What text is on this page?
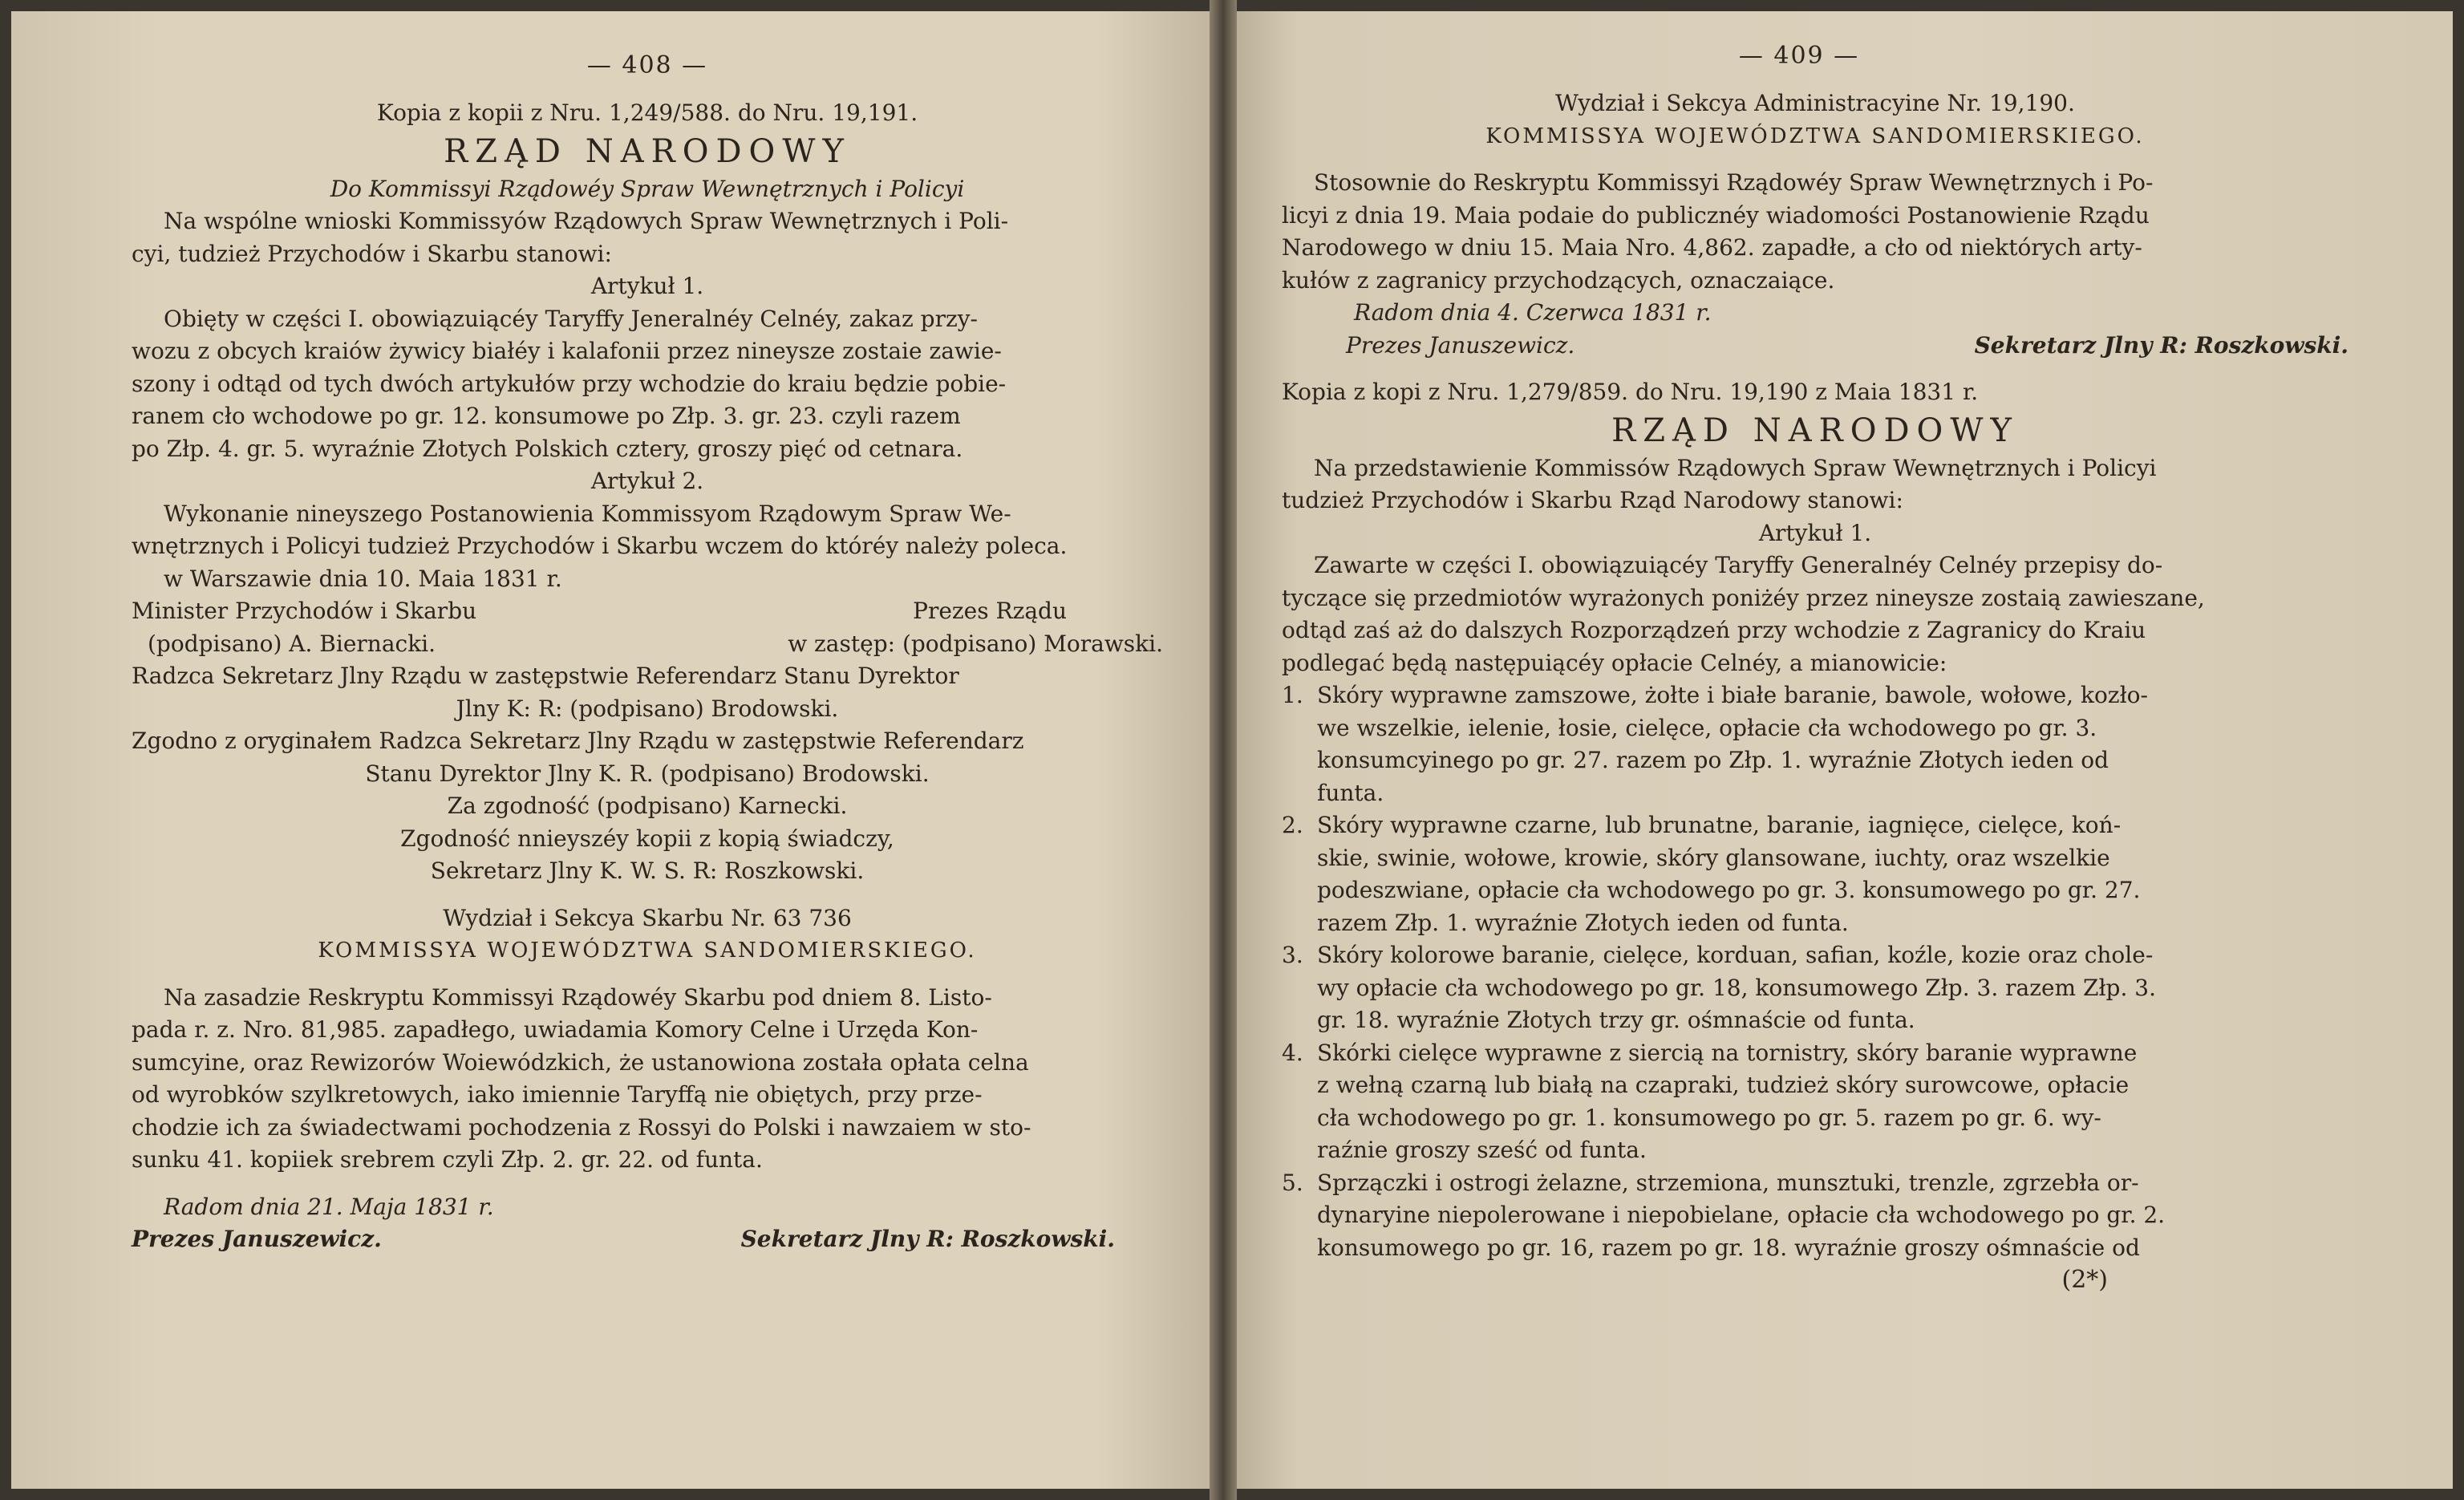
— 408 —
Kopia z kopii z Nru. 1,249/588. do Nru. 19,191.
RZĄD NARODOWY
Do Kommissyi Rządowéy Spraw Wewnętrznych i Policyi
Na wspólne wnioski Kommissyów Rządowych Spraw Wewnętrznych i Poli-
cyi, tudzież Przychodów i Skarbu stanowi:
Artykuł 1.
Obięty w części I. obowiązuiącéy Taryffy Jeneralnéy Celnéy, zakaz przy-
wozu z obcych kraiów żywicy białéy i kalafonii przez nineysze zostaie zawie-
szony i odtąd od tych dwóch artykułów przy wchodzie do kraiu będzie pobie-
ranem cło wchodowe po gr. 12. konsumowe po Złp. 3. gr. 23. czyli razem
po Złp. 4. gr. 5. wyraźnie Złotych Polskich cztery, groszy pięć od cetnara.
Artykuł 2.
Wykonanie nineyszego Postanowienia Kommissyom Rządowym Spraw We-
wnętrznych i Policyi tudzież Przychodów i Skarbu wczem do któréy należy poleca.
w Warszawie dnia 10. Maia 1831 r.
Minister Przychodów i Skarbu	Prezes Rządu
(podpisano) A. Biernacki.	w zastęp: (podpisano) Morawski.
Radzca Sekretarz Jlny Rządu w zastępstwie Referendarz Stanu Dyrektor
Jlny K: R: (podpisano) Brodowski.
Zgodno z oryginałem Radzca Sekretarz Jlny Rządu w zastępstwie Referendarz
Stanu Dyrektor Jlny K. R. (podpisano) Brodowski.
Za zgodność (podpisano) Karnecki.
Zgodność nnieyszéy kopii z kopią świadczy,
Sekretarz Jlny K. W. S. R: Roszkowski.
Wydział i Sekcya Skarbu Nr. 63 736
KOMMISSYA WOJEWÓDZTWA SANDOMIERSKIEGO.
Na zasadzie Reskryptu Kommissyi Rządowéy Skarbu pod dniem 8. Listo-
pada r. z. Nro. 81,985. zapadłego, uwiadamia Komory Celne i Urzęda Kon-
sumcyine, oraz Rewizorów Woiewódzkich, że ustanowiona została opłata celna
od wyrobków szylkretowych, iako imiennie Taryffą nie obiętych, przy prze-
chodzie ich za świadectwami pochodzenia z Rossyi do Polski i nawzaiem w sto-
sunku 41. kopiiek srebrem czyli Złp. 2. gr. 22. od funta.
Radom dnia 21. Maja 1831 r.
Prezes Januszewicz.	Sekretarz Jlny R: Roszkowski.
— 409 —
Wydział i Sekcya Administracyine Nr. 19,190.
KOMMISSYA WOJEWÓDZTWA SANDOMIERSKIEGO.
Stosownie do Reskryptu Kommissyi Rządowéy Spraw Wewnętrznych i Po-
licyi z dnia 19. Maia podaie do publicznéy wiadomości Postanowienie Rządu
Narodowego w dniu 15. Maia Nro. 4,862. zapadłe, a cło od niektórych arty-
kułów z zagranicy przychodzących, oznaczaiące.
Radom dnia 4. Czerwca 1831 r.
Prezes Januszewicz.	Sekretarz Jlny R: Roszkowski.
Kopia z kopi z Nru. 1,279/859. do Nru. 19,190 z Maia 1831 r.
RZĄD NARODOWY
Na przedstawienie Kommissów Rządowych Spraw Wewnętrznych i Policyi
tudzież Przychodów i Skarbu Rząd Narodowy stanowi:
Artykuł 1.
Zawarte w części I. obowiązuiącéy Taryffy Generalnéy Celnéy przepisy do-
tyczące się przedmiotów wyrażonych poniżéy przez nineysze zostaią zawieszane,
odtąd zaś aż do dalszych Rozporządzeń przy wchodzie z Zagranicy do Kraiu
podlegać będą następuiącéy opłacie Celnéy, a mianowicie:
1. Skóry wyprawne zamszowe, żołte i białe baranie, bawole, wołowe, kozło-
we wszelkie, ielenie, łosie, cielęce, opłacie cła wchodowego po gr. 3.
konsumcyinego po gr. 27. razem po Złp. 1. wyraźnie Złotych ieden od
funta.
2. Skóry wyprawne czarne, lub brunatne, baranie, iagnięce, cielęce, koń-
skie, swinie, wołowe, krowie, skóry glansowane, iuchty, oraz wszelkie
podeszwiane, opłacie cła wchodowego po gr. 3. konsumowego po gr. 27.
razem Złp. 1. wyraźnie Złotych ieden od funta.
3. Skóry kolorowe baranie, cielęce, korduan, safian, koźle, kozie oraz chole-
wy opłacie cła wchodowego po gr. 18, konsumowego Złp. 3. razem Złp. 3.
gr. 18. wyraźnie Złotych trzy gr. ośmnaście od funta.
4. Skórki cielęce wyprawne z siercią na tornistry, skóry baranie wyprawne
z wełną czarną lub białą na czapraki, tudzież skóry surowcowe, opłacie
cła wchodowego po gr. 1. konsumowego po gr. 5. razem po gr. 6. wy-
raźnie groszy sześć od funta.
5. Sprzączki i ostrogi żelazne, strzemiona, munsztuki, trenzle, zgrzebła or-
dynaryine niepolerowane i niepobielane, opłacie cła wchodowego po gr. 2.
konsumowego po gr. 16, razem po gr. 18. wyraźnie groszy ośmnaście od
(2*)
